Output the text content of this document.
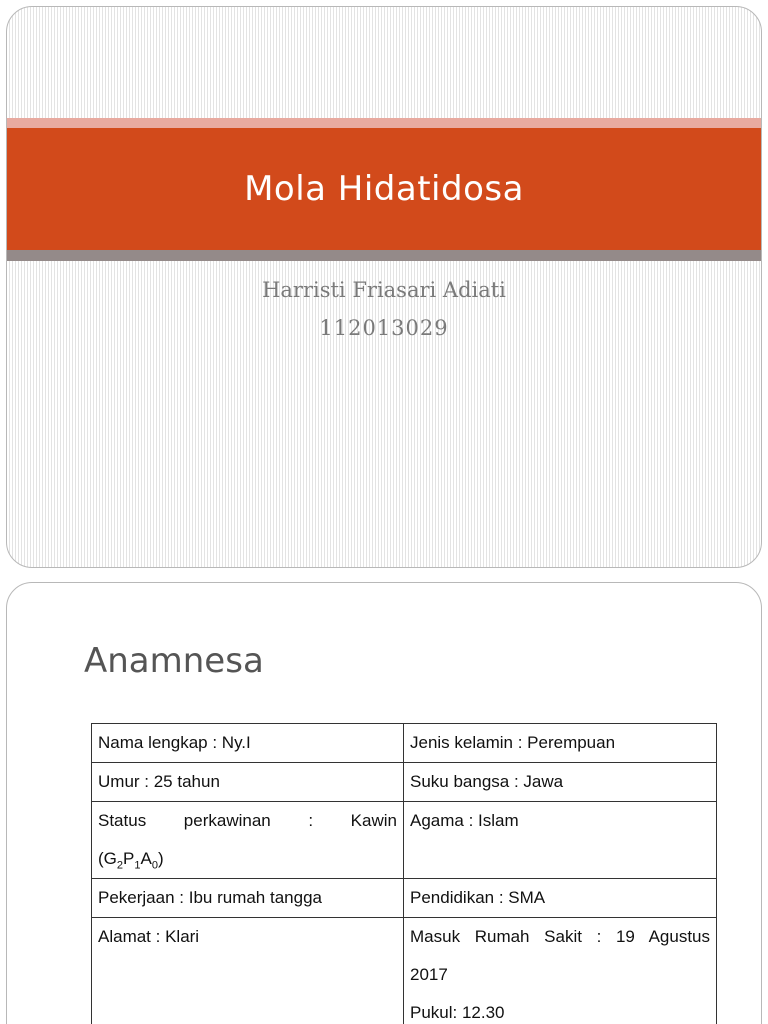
Mola Hidatidosa
Harristi Friasari Adiati
112013029
Anamnesa
Nama lengkap : Ny.I	Jenis kelamin : Perempuan
Umur : 25 tahun	Suku bangsa : Jawa

Status perkawinan : Kawin
$(G_2P_1A_0)$	Agama : Islam
Pekerjaan : Ibu rumah tangga	Pendidikan : SMA
Alamat : Klari	Masuk Rumah Sakit : 19 Agustus
2017
Pukul: 12.30
